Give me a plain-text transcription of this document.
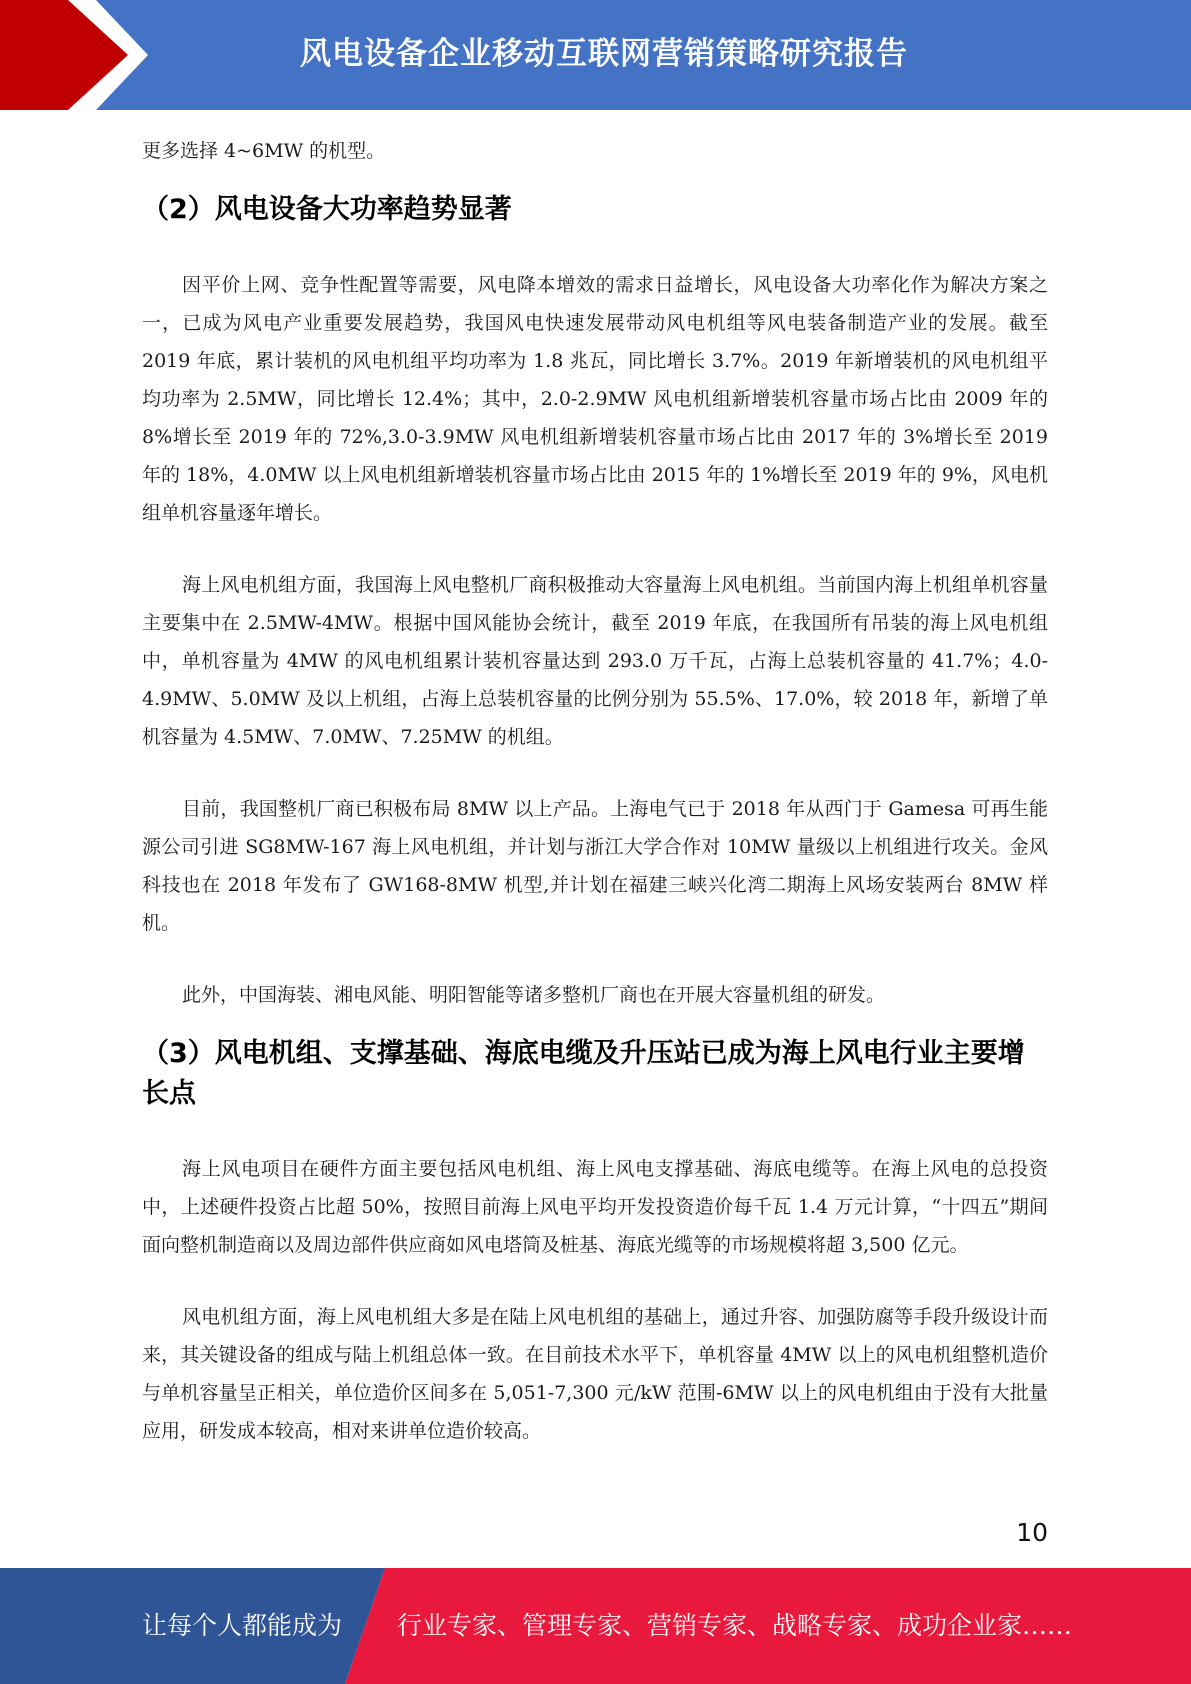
风电设备企业移动互联网营销策略研究报告

更多选择 4~6MW 的机型。

（2）风电设备大功率趋势显著

因平价上网、竞争性配置等需要，风电降本增效的需求日益增长，风电设备大功率化作为解决方案之一，已成为风电产业重要发展趋势，我国风电快速发展带动风电机组等风电装备制造产业的发展。截至 2019 年底，累计装机的风电机组平均功率为 1.8 兆瓦，同比增长 3.7%。2019 年新增装机的风电机组平均功率为 2.5MW，同比增长 12.4%；其中，2.0-2.9MW 风电机组新增装机容量市场占比由 2009 年的 8%增长至 2019 年的 72%,3.0-3.9MW 风电机组新增装机容量市场占比由 2017 年的 3%增长至 2019 年的 18%，4.0MW 以上风电机组新增装机容量市场占比由 2015 年的 1%增长至 2019 年的 9%，风电机组单机容量逐年增长。

海上风电机组方面，我国海上风电整机厂商积极推动大容量海上风电机组。当前国内海上机组单机容量主要集中在 2.5MW-4MW。根据中国风能协会统计，截至 2019 年底，在我国所有吊装的海上风电机组中，单机容量为 4MW 的风电机组累计装机容量达到 293.0 万千瓦，占海上总装机容量的 41.7%；4.0-4.9MW、5.0MW 及以上机组，占海上总装机容量的比例分别为 55.5%、17.0%，较 2018 年，新增了单机容量为 4.5MW、7.0MW、7.25MW 的机组。

目前，我国整机厂商已积极布局 8MW 以上产品。上海电气已于 2018 年从西门于 Gamesa 可再生能源公司引进 SG8MW-167 海上风电机组，并计划与浙江大学合作对 10MW 量级以上机组进行攻关。金风科技也在 2018 年发布了 GW168-8MW 机型,并计划在福建三峡兴化湾二期海上风场安装两台 8MW 样机。

此外，中国海装、湘电风能、明阳智能等诸多整机厂商也在开展大容量机组的研发。

（3）风电机组、支撑基础、海底电缆及升压站已成为海上风电行业主要增长点

海上风电项目在硬件方面主要包括风电机组、海上风电支撑基础、海底电缆等。在海上风电的总投资中，上述硬件投资占比超 50%，按照目前海上风电平均开发投资造价每千瓦 1.4 万元计算，“十四五”期间面向整机制造商以及周边部件供应商如风电塔筒及桩基、海底光缆等的市场规模将超 3,500 亿元。

风电机组方面，海上风电机组大多是在陆上风电机组的基础上，通过升容、加强防腐等手段升级设计而来，其关键设备的组成与陆上机组总体一致。在目前技术水平下，单机容量 4MW 以上的风电机组整机造价与单机容量呈正相关，单位造价区间多在 5,051-7,300 元/kW 范围-6MW 以上的风电机组由于没有大批量应用，研发成本较高，相对来讲单位造价较高。

10
让每个人都能成为 行业专家、管理专家、营销专家、战略专家、成功企业家……
